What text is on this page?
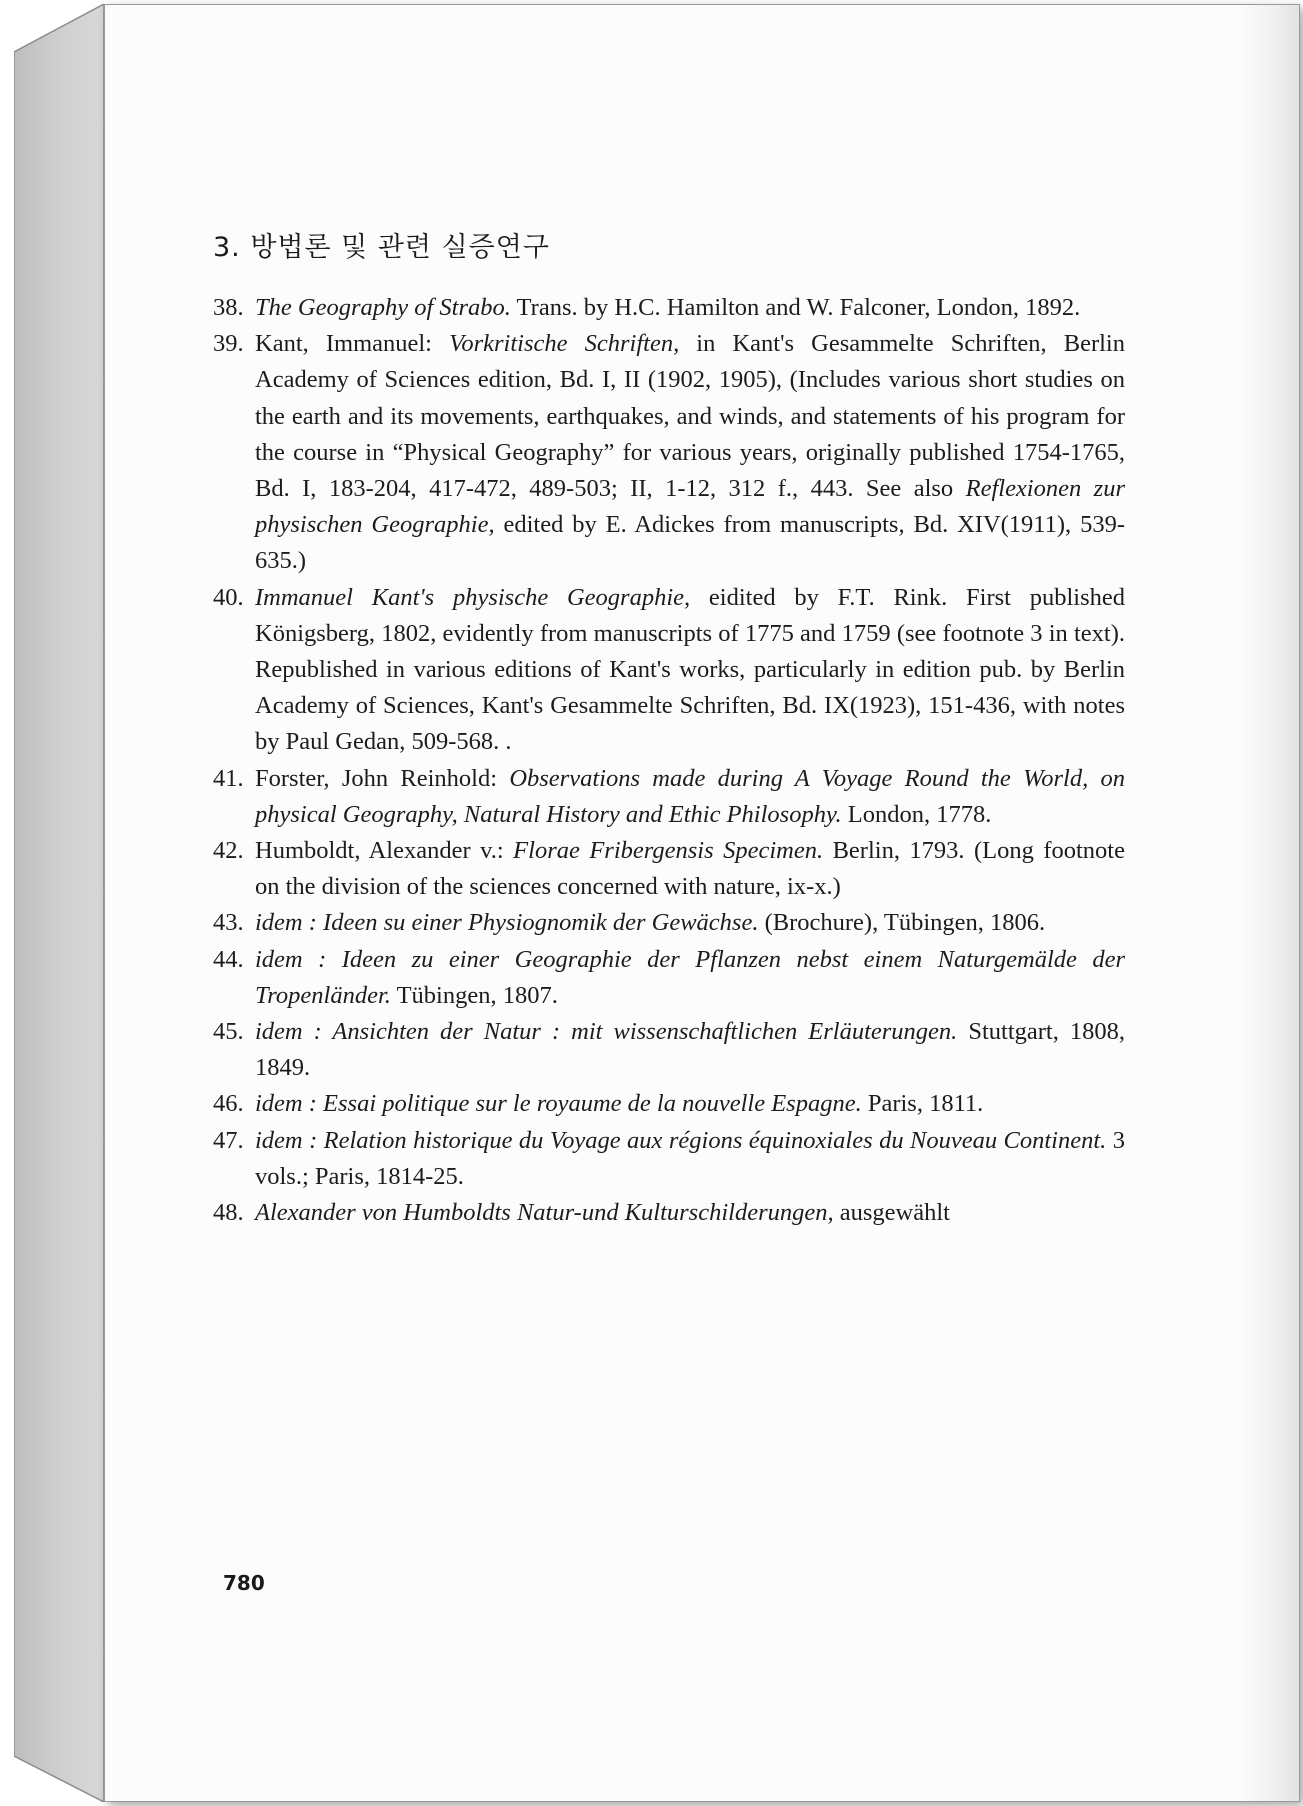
3. 방법론 및 관련 실증연구
38. The Geography of Strabo. Trans. by H.C. Hamilton and W. Falconer, London, 1892.
39. Kant, Immanuel: Vorkritische Schriften, in Kant's Gesammelte Schriften, Berlin Academy of Sciences edition, Bd. I, II (1902, 1905), (Includes various short studies on the earth and its movements, earthquakes, and winds, and statements of his program for the course in “Physical Geography” for various years, originally published 1754-1765, Bd. I, 183-204, 417-472, 489-503; II, 1-12, 312 f., 443. See also Reflexionen zur physischen Geographie, edited by E. Adickes from manuscripts, Bd. XIV(1911), 539-635.)
40. Immanuel Kant's physische Geographie, eidited by F.T. Rink. First published Königsberg, 1802, evidently from manuscripts of 1775 and 1759 (see footnote 3 in text). Republished in various editions of Kant's works, particularly in edition pub. by Berlin Academy of Sciences, Kant's Gesammelte Schriften, Bd. IX(1923), 151-436, with notes by Paul Gedan, 509-568. .
41. Forster, John Reinhold: Observations made during A Voyage Round the World, on physical Geography, Natural History and Ethic Philosophy. London, 1778.
42. Humboldt, Alexander v.: Florae Fribergensis Specimen. Berlin, 1793. (Long footnote on the division of the sciences concerned with nature, ix-x.)
43. idem : Ideen su einer Physiognomik der Gewächse. (Brochure), Tübingen, 1806.
44. idem : Ideen zu einer Geographie der Pflanzen nebst einem Naturgemälde der Tropenländer. Tübingen, 1807.
45. idem : Ansichten der Natur : mit wissenschaftlichen Erläuterungen. Stuttgart, 1808, 1849.
46. idem : Essai politique sur le royaume de la nouvelle Espagne. Paris, 1811.
47. idem : Relation historique du Voyage aux régions équinoxiales du Nouveau Continent. 3 vols.; Paris, 1814-25.
48. Alexander von Humboldts Natur-und Kulturschilderungen, ausgewählt
780
